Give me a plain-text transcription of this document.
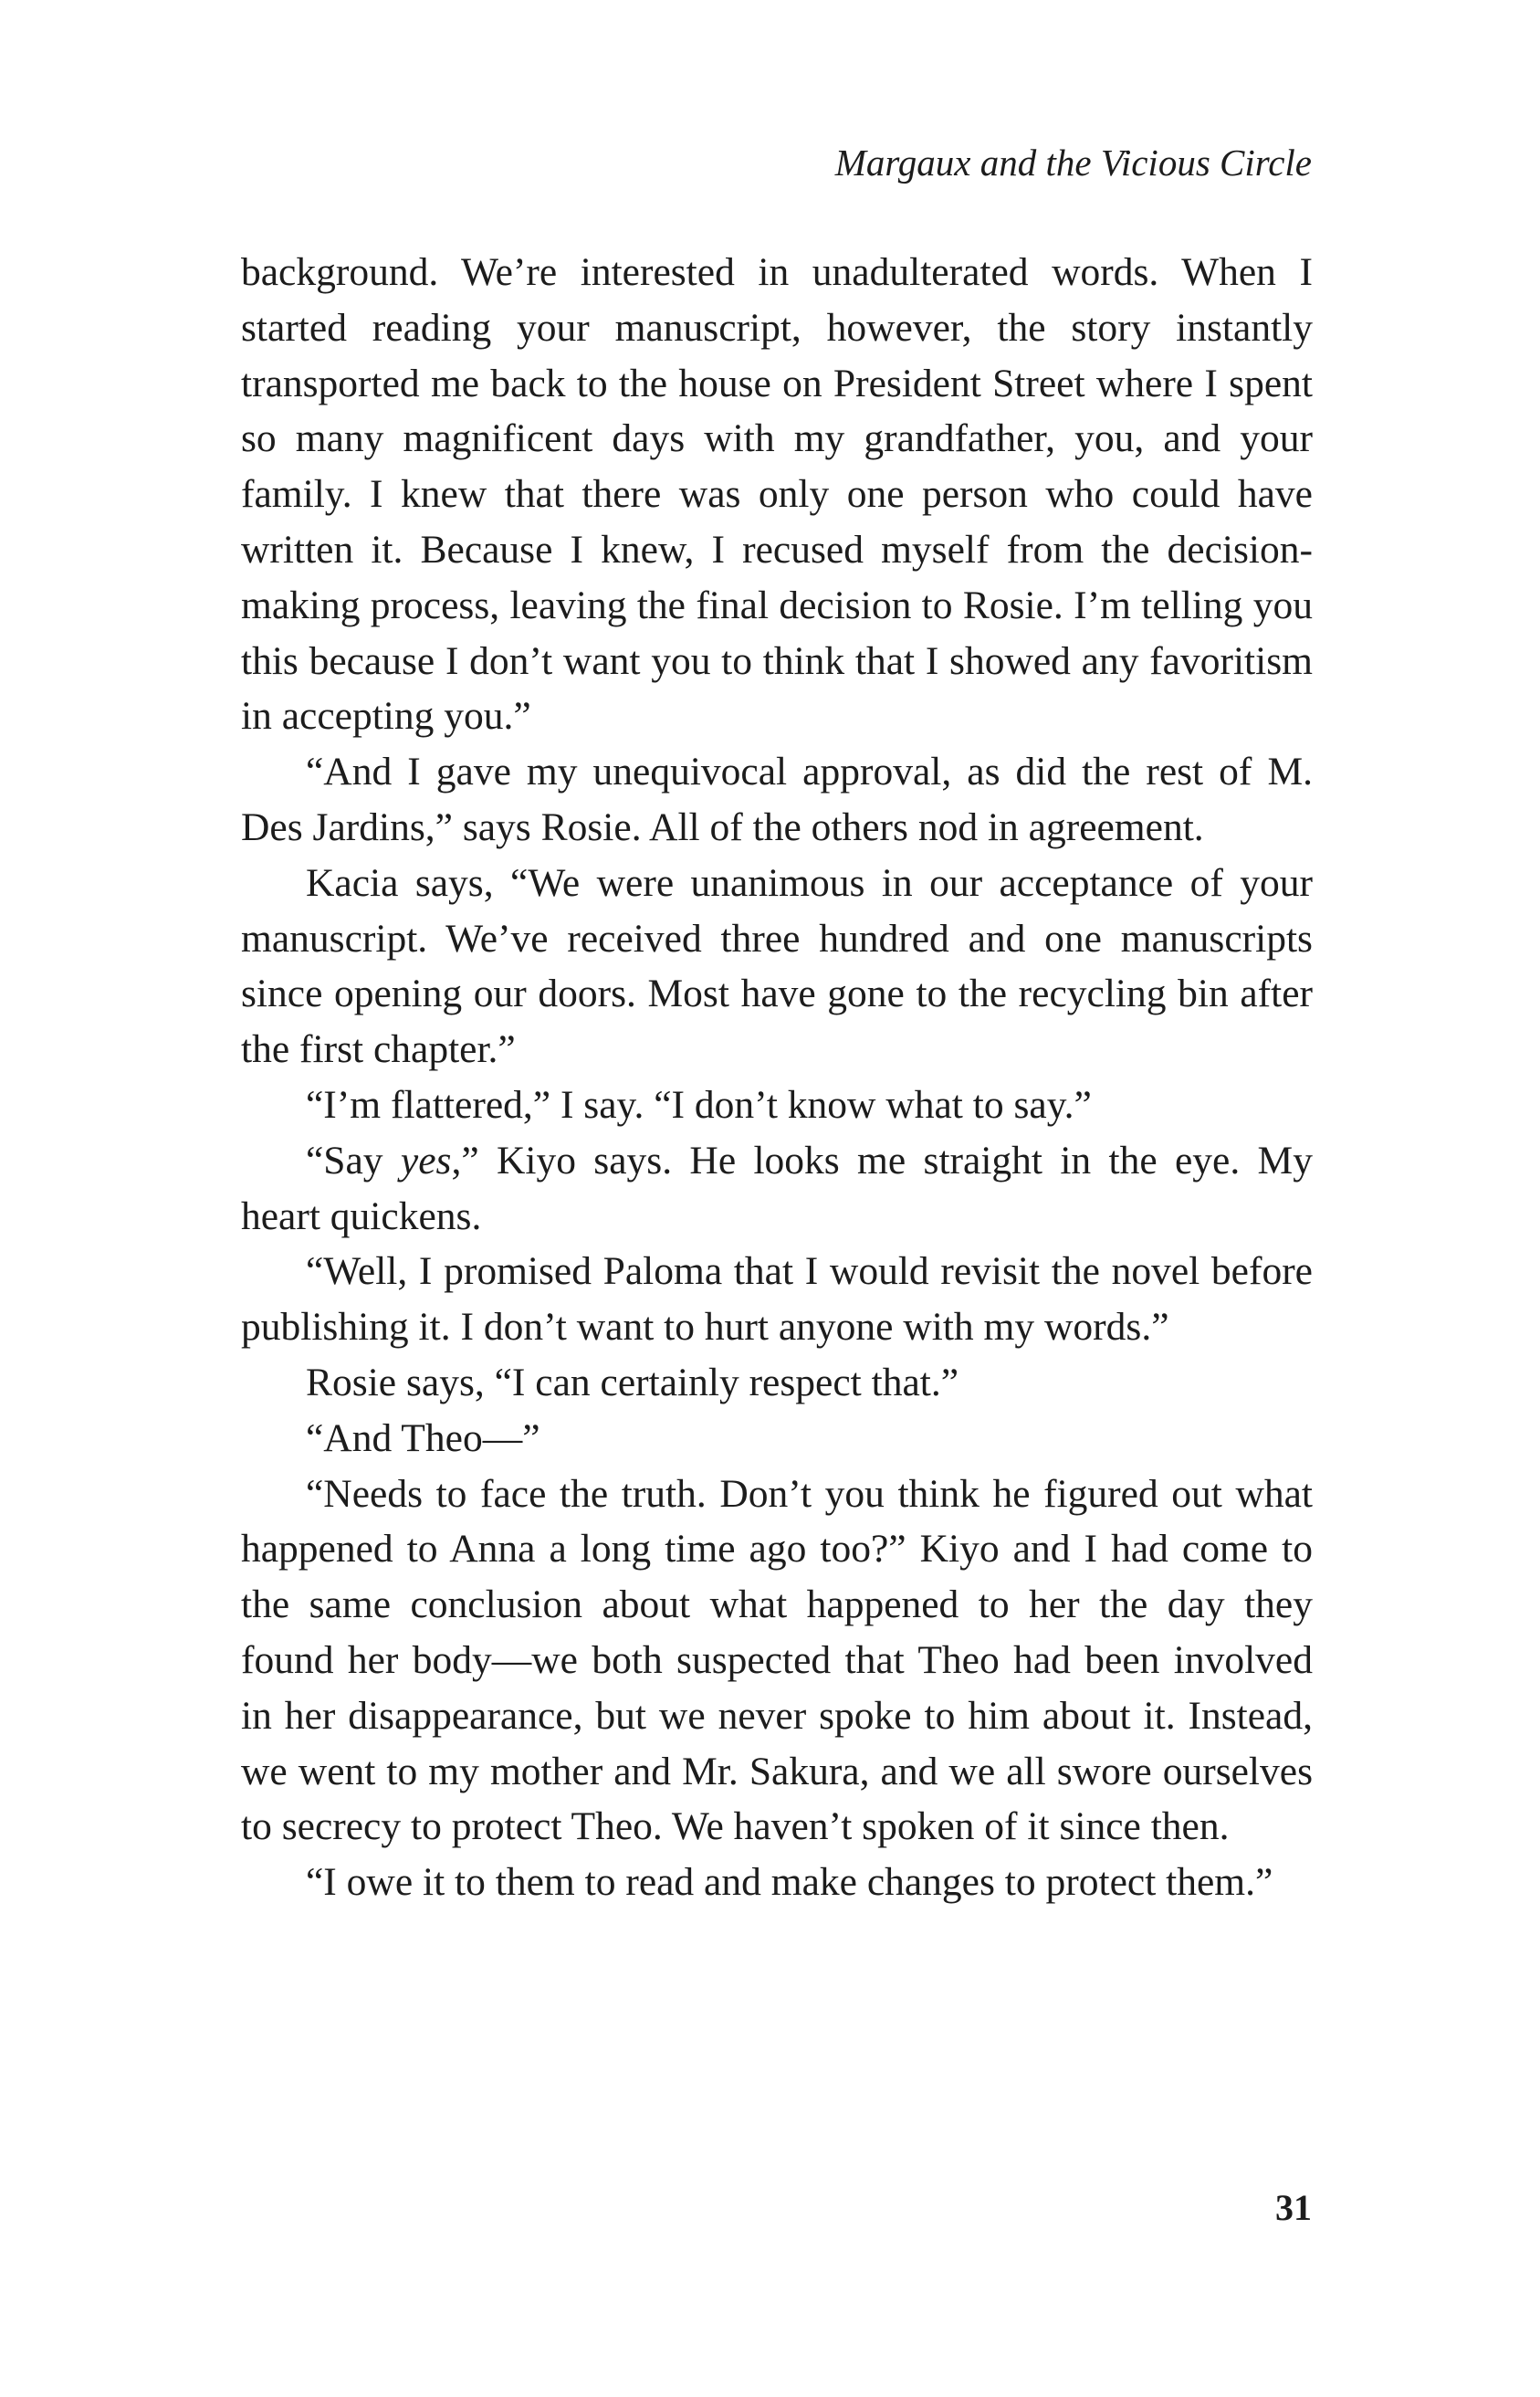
Margaux and the Vicious Circle

background. We’re interested in unadulterated words. When I started reading your manuscript, however, the story instantly transported me back to the house on President Street where I spent so many magnificent days with my grandfather, you, and your family. I knew that there was only one person who could have written it. Because I knew, I recused myself from the decision-making process, leaving the final decision to Rosie. I’m telling you this because I don’t want you to think that I showed any favoritism in accepting you.”

“And I gave my unequivocal approval, as did the rest of M. Des Jardins,” says Rosie. All of the others nod in agreement.

Kacia says, “We were unanimous in our acceptance of your manuscript. We’ve received three hundred and one manuscripts since opening our doors. Most have gone to the recycling bin after the first chapter.”

“I’m flattered,” I say. “I don’t know what to say.”

“Say yes,” Kiyo says. He looks me straight in the eye. My heart quickens.

“Well, I promised Paloma that I would revisit the novel before publishing it. I don’t want to hurt anyone with my words.”

Rosie says, “I can certainly respect that.”

“And Theo—”

“Needs to face the truth. Don’t you think he figured out what happened to Anna a long time ago too?” Kiyo and I had come to the same conclusion about what happened to her the day they found her body—we both suspected that Theo had been involved in her disappearance, but we never spoke to him about it. Instead, we went to my mother and Mr. Sakura, and we all swore ourselves to secrecy to protect Theo. We haven’t spoken of it since then.

“I owe it to them to read and make changes to protect them.”

31
